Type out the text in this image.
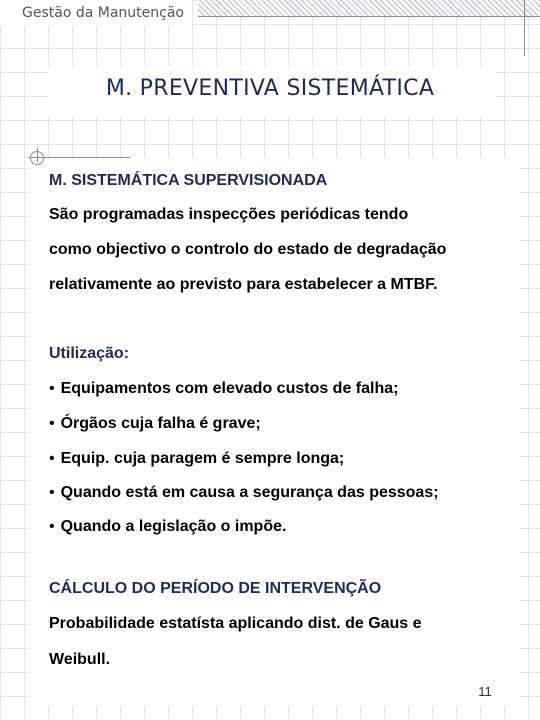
Gestão da Manutenção
M. PREVENTIVA SISTEMÁTICA

M. SISTEMÁTICA SUPERVISIONADA

São programadas inspecções periódicas tendo

como objectivo o controlo do estado de degradação

relativamente ao previsto para estabelecer a MTBF.

Utilização:

• Equipamentos com elevado custos de falha;

• Órgãos cuja falha é grave;

• Equip. cuja paragem é sempre longa;

• Quando está em causa a segurança das pessoas;

• Quando a legislação o impõe.

CÁLCULO DO PERÍODO DE INTERVENÇÃO

Probabilidade estatísta aplicando dist. de Gaus e

Weibull.

11
